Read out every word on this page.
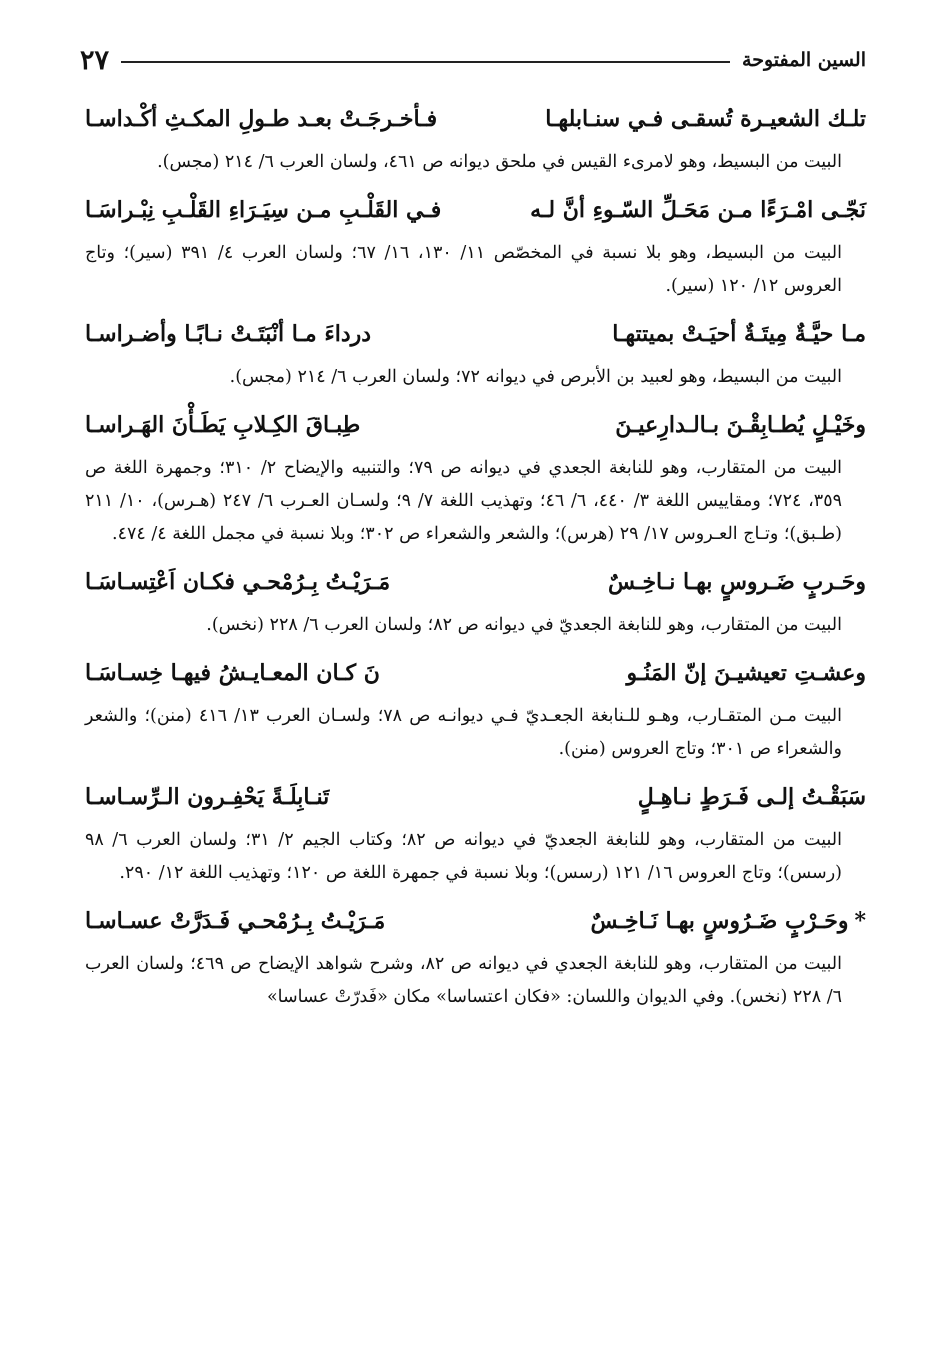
السين المفتوحة
٢٧
تلـك الشعيـرة تُسقـى فـي سنـابلهـا
فـأخـرجَـتْ بعـد طـولِ المكـثِ أكْـداسـا
البيت من البسيط، وهو لامرىء القيس في ملحق ديوانه ص ٤٦١، ولسان العرب ٦/ ٢١٤ (مجس).
نَجّـى امْـرَءًا مـن مَحَـلِّ السّـوءِ أنَّ لـه
فـي القَلْـبِ مـن سِيَـرَاءِ القَلْـبِ نِبْـراسَـا
البيت من البسيط، وهو بلا نسبة في المخصّص ١١/ ١٣٠، ١٦/ ٦٧؛ ولسان العرب ٤/ ٣٩١ (سير)؛ وتاج العروس ١٢/ ١٢٠ (سير).
مـا حيَّـةٌ مِيتَـةٌ أحيَـتْ بميتتهـا
درداءَ مـا أنْبَتَـتْ نـابًـا وأضـراسـا
البيت من البسيط، وهو لعبيد بن الأبرص في ديوانه ٧٢؛ ولسان العرب ٦/ ٢١٤ (مجس).
وخَيْـلٍ يُطـابِقْـنَ بـالـدارِعيـنَ
طِبـاقَ الكِـلابِ يَطَـأْنَ الهَـراسـا
البيت من المتقارب، وهو للنابغة الجعدي في ديوانه ص ٧٩؛ والتنبيه والإيضاح ٢/ ٣١٠؛ وجمهرة اللغة ص ٣٥٩، ٧٢٤؛ ومقاييس اللغة ٣/ ٤٤٠، ٦/ ٤٦؛ وتهذيب اللغة ٧/ ٩؛ ولسـان العـرب ٦/ ٢٤٧ (هـرس)، ١٠/ ٢١١ (طـبق)؛ وتـاج العـروس ١٧/ ٢٩ (هرس)؛ والشعر والشعراء ص ٣٠٢؛ وبلا نسبة في مجمل اللغة ٤/ ٤٧٤.
وحَـربٍ ضَـروسٍ بهـا نـاخِـسٌ
مَـرَيْـتُ بِـرُمْحـي فكـان اَعْتِسـاسَـا
البيت من المتقارب، وهو للنابغة الجعديّ في ديوانه ص ٨٢؛ ولسان العرب ٦/ ٢٢٨ (نخس).
وعشـتِ تعيشيـنَ إنّ المَنُـو
نَ كـان المعـايـشُ فيهـا خِسـاسَـا
البيت مـن المتقـارب، وهـو للـنابغة الجعـديّ فـي ديوانـه ص ٧٨؛ ولسـان العرب ١٣/ ٤١٦ (منن)؛ والشعر والشعراء ص ٣٠١؛ وتاج العروس (منن).
سَبَقْـتُ إلـى فَـرَطٍ نـاهِـلٍ
تَنـابِلَـةً يَحْفِـرون الـرِّسـاسـا
البيت من المتقارب، وهو للنابغة الجعديّ في ديوانه ص ٨٢؛ وكتاب الجيم ٢/ ٣١؛ ولسان العرب ٦/ ٩٨ (رسس)؛ وتاج العروس ١٦/ ١٢١ (رسس)؛ وبلا نسبة في جمهرة اللغة ص ١٢٠؛ وتهذيب اللغة ١٢/ ٢٩٠.
*وحَـرْبٍ ضَـرُوسٍ بهـا نَـاخِـسٌ
مَـرَيْـتُ بِـرُمْحـي فَـدَرَّتْ عسـاسـا
البيت من المتقارب، وهو للنابغة الجعدي في ديوانه ص ٨٢، وشرح شواهد الإيضاح ص ٤٦٩؛ ولسان العرب ٦/ ٢٢٨ (نخس). وفي الديوان واللسان: «فكان اعتساسا» مكان «فَدرّتْ عساسا»
